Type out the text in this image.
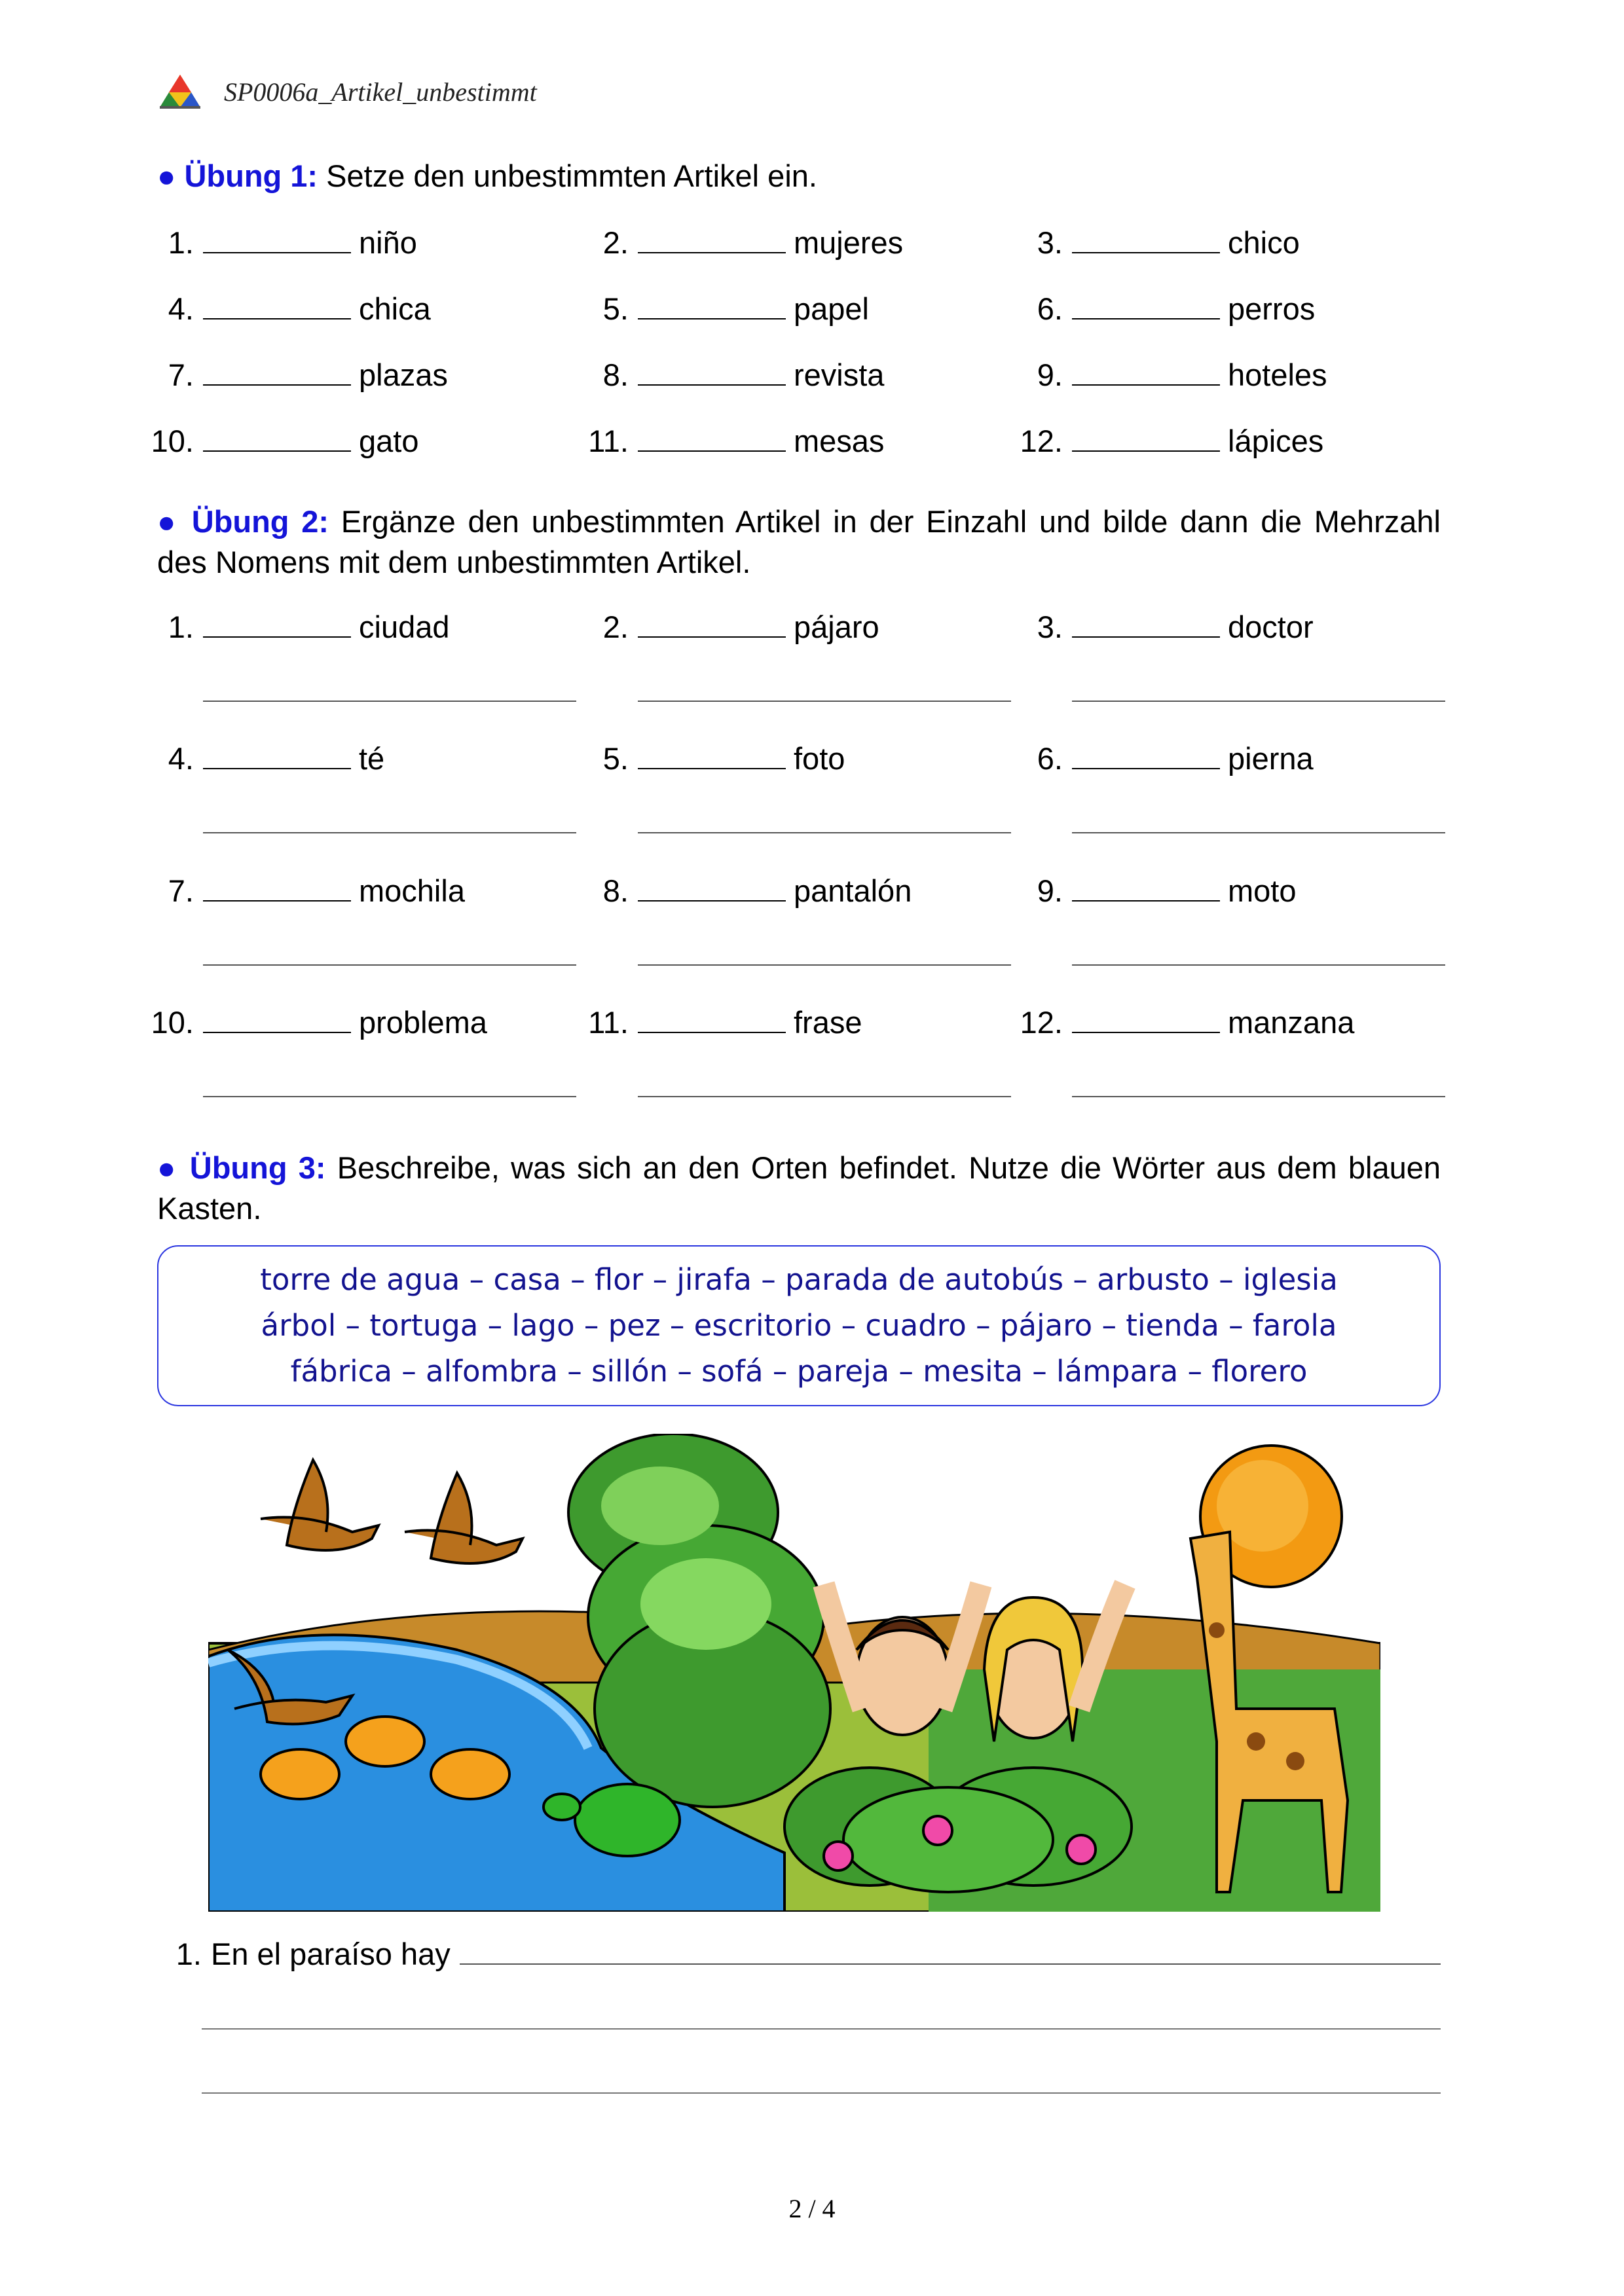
SP0006a_Artikel_unbestimmt
● Übung 1: Setze den unbestimmten Artikel ein.
1.	niño	2.	mujeres	3.	chico
4.	chica	5.	papel	6.	perros
7.	plazas	8.	revista	9.	hoteles
10.	gato	11.	mesas	12.	lápices
● Übung 2: Ergänze den unbestimmten Artikel in der Einzahl und bilde dann die Mehrzahl des Nomens mit dem unbestimmten Artikel.
1.	ciudad	2.	pájaro	3.	doctor
4.	té	5.	foto	6.	pierna
7.	mochila	8.	pantalón	9.	moto
10.	problema	11.	frase	12.	manzana
● Übung 3: Beschreibe, was sich an den Orten befindet. Nutze die Wörter aus dem blauen Kasten.
torre de agua – casa – flor – jirafa – parada de autobús – arbusto – iglesia
árbol – tortuga – lago – pez – escritorio – cuadro – pájaro – tienda – farola
fábrica – alfombra – sillón – sofá – pareja – mesita – lámpara – florero
1. En el paraíso hay
2 / 4
